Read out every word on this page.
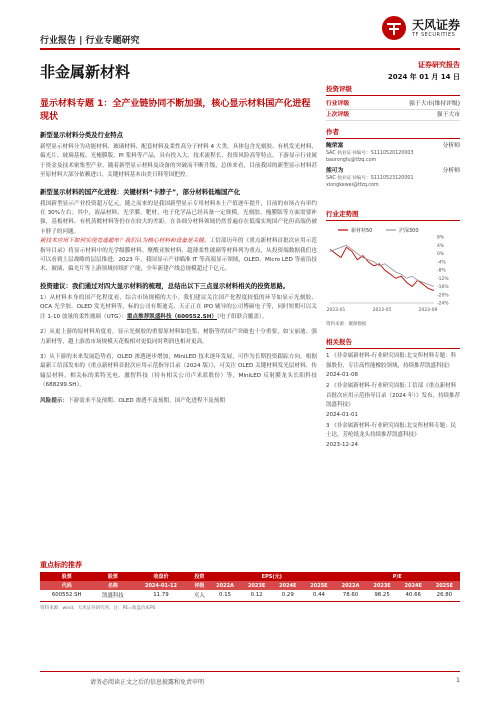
行业报告 | 行业专题研究
天风证券
TF SECURITIES
非金属新材料	证券研究报告
2024 年 01 月 14 日
显示材料专题 1：全产业链协同不断加强，核心显示材料国产化进程现状
新型显示材料分类及行业特点

新型显示材料分为功能材料、玻璃材料、配套材料及柔性高分子材料 4 大类，具体包含光刻胶、有机发光材料、偏光片、玻璃基板、光掩膜版、PI 浆料等产品，具有投入大、技术流程长、投资风险高等特点。下游显示行业属于资金及技术密集型产业，随着新型显示材料及设备的突破而不断升级，总体来看，目前我国的新型显示材料甚至原材料大部分依赖进口，关键材料基本由美日韩等国把控。

新型显示材料的国产化进程：关键材料“卡脖子”，部分材料低端国产化

我国新型显示产业投资超万亿元，随之而来的是我国新型显示专用材料本土产值逐年提升，目前的市场占有率约在 30%左右；其中，液晶材料、光学膜、靶材、电子化学品已经具备一定规模，光刻胶、掩膜版等方面需要补强，基板材料、有机蒸镀材料等仍存在较大的差距。在各细分材料领域仍然普遍存在低端实现国产化但高端仍被卡脖子的问题。

新技术应用下如何实现弯道超车？我们认为核心材料和设备是关键。工信部历年的《重点新材料首批次应用示范指导目录》将显示材料中的光学级膜材料、聚酰亚胺材料、超薄柔性玻璃等材料列为重点，从投资端数据我们也可以看到上层战略的层层推进，2023 年，我国显示产业瞄准 IT 等高端显示领域，OLED、Micro LED 等前沿技术、玻璃、偏光片等上游领域持续扩产能，全年新建产线总规模超过千亿元。

投资建议：我们通过对四大显示材料的梳理，总结出以下三点显示材料相关的投资思路。

1）从材料本身的国产化程度看，综合市场规模的大小。我们建议关注国产化程度较低的环节如显示光刻胶、OCA 光学胶、OLED 发光材料等，标的公司有斯迪克、天正正在 IPO 辅导的公司博硕电子等，同时短期可以关注 1-10 放量的柔性玻璃（UTG）：重点推荐凯盛科技（600552.SH）（电子组联合覆盖）。

2）从更上游的原材料角度看，显示光刻胶的重要原材料如色浆、树脂等的国产突破也十分重要，如宝丽迪、强力新材等，越上游盈市场规模天花板相对更低同时利润也相对更高。

3）从下游的未来发展趋势看，OLED 渗透逐步增加，MiniLED 技术逐年发展，可作为长期投资跟踪方向。根据最新工信部发布的《重点新材料首批次应用示范指导目录（2024 版）》，可关注 OLED 关键材料发光层材料、传输层材料，相关标的莱特光电、激智科技（持有相关公司卢米蓝股份）等，MiniLED 反射膜龙头长阳科技（688299.SH）。

风险提示：下游需求不及预期、OLED 渗透不及预期、国产化进程不及预期

投资评级
行业评级	强于大市(维持评级)
上次评级	强于大市
作者
鲍荣富	分析师
SAC 执业证书编号：S1110520120003
baorongfu@tfzq.com
熊可为	分析师
SAC 执业证书编号：S1110523120001
xiongkewei@tfzq.com
行业走势图
新材料50	沪深300
8%
4%
0%
-4%
-8%
-12%
-16%
-20%
-24%
2023-01	2023-05	2023-09
资料来源：聚源数据
相关报告
1 《非金属新材料-行业研究周报:北交所材料专题：科强股份，专注高性能橡胶领域，持续推荐凯盛科技》
2024-01-08
2 《非金属新材料-行业研究周报:工信部《重点新材料首批次应用示范指导目录（2024 年）》发布，持续推荐凯盛科技》
2024-01-01
3 《非金属新材料-行业研究周报:北交所材料专题：民士达，芳纶纸龙头持续推荐凯盛科技》
2023-12-24
重点标的推荐
股票	股票	收盘价	投资	EPS(元)				P/E			
代码	名称	2024-01-12	评级	2022A	2023E	2024E	2025E	2022A	2023E	2024E	2025E
600552.SH	凯盛科技	11.79	买入	0.15	0.12	0.29	0.44	78.60	98.25	40.66	26.80
资料来源：wind，天风证券研究所，注：PE=收盘价/EPS
请务必阅读正文之后的信息披露和免责申明	1
